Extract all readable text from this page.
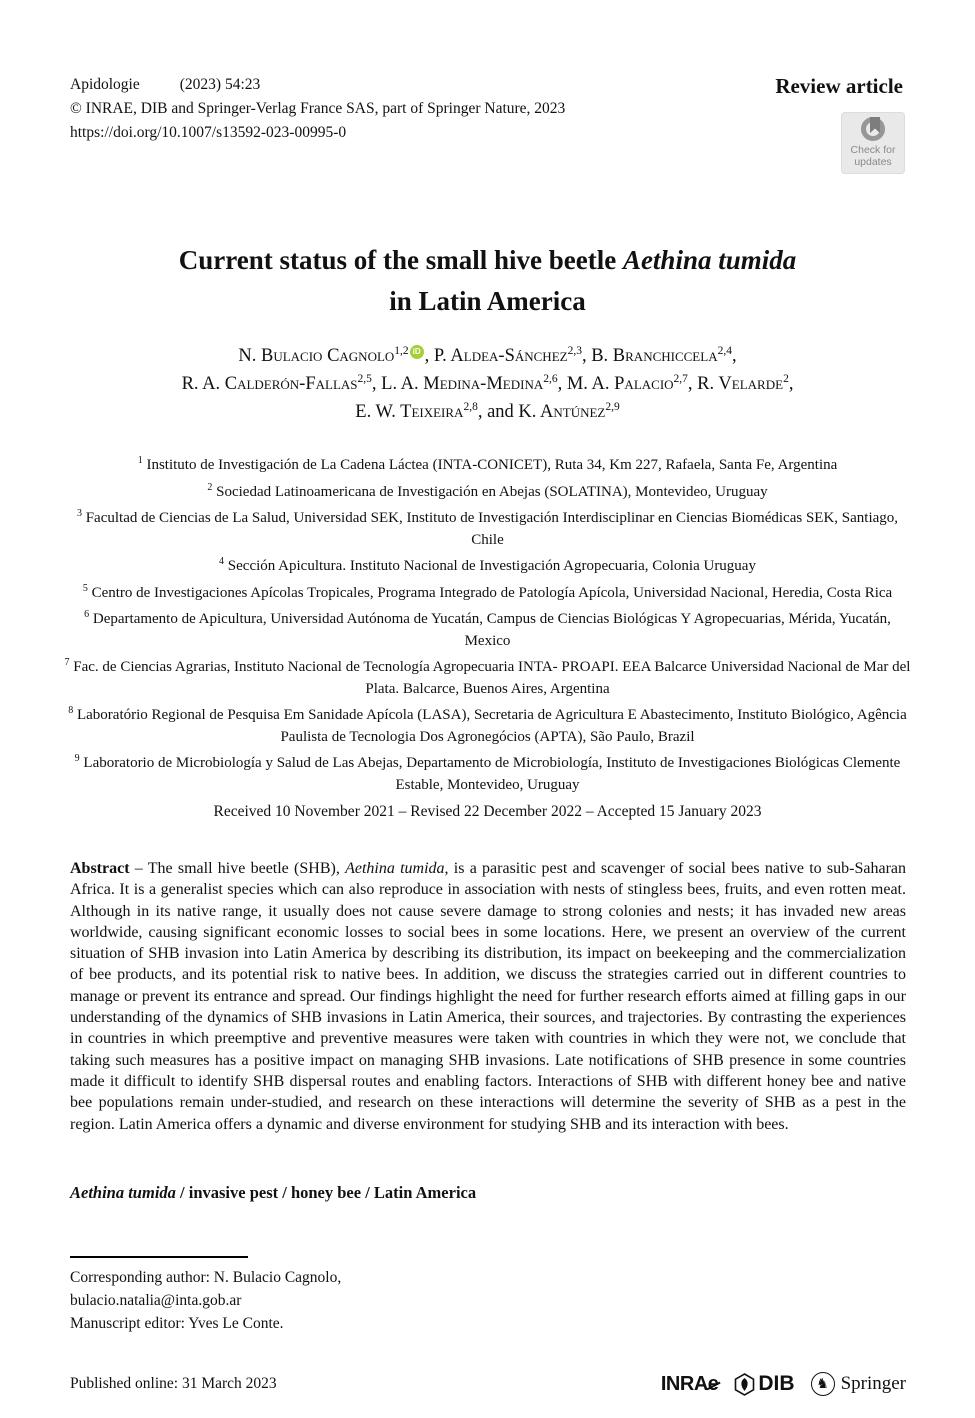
Apidologie	(2023) 54:23
© INRAE, DIB and Springer-Verlag France SAS, part of Springer Nature, 2023
https://doi.org/10.1007/s13592-023-00995-0
Review article
Check for
updates
Current status of the small hive beetle Aethina tumida
in Latin America
N. Bulacio Cagnolo$^{1,2}$ iD , P. Aldea-Sánchez$^{2,3}$, B. Branchiccela$^{2,4}$,
R. A. Calderón-Fallas$^{2,5}$, L. A. Medina-Medina$^{2,6}$, M. A. Palacio$^{2,7}$, R. Velarde$^2$,
E. W. Teixeira$^{2,8}$, and K. Antúnez$^{2,9}$
$^1$ Instituto de Investigación de La Cadena Láctea (INTA-CONICET), Ruta 34, Km 227, Rafaela, Santa Fe, Argentina
$^2$ Sociedad Latinoamericana de Investigación en Abejas (SOLATINA), Montevideo, Uruguay
$^3$ Facultad de Ciencias de La Salud, Universidad SEK, Instituto de Investigación Interdisciplinar en Ciencias Biomédicas SEK, Santiago, Chile
$^4$ Sección Apicultura. Instituto Nacional de Investigación Agropecuaria, Colonia Uruguay
$^5$ Centro de Investigaciones Apícolas Tropicales, Programa Integrado de Patología Apícola, Universidad Nacional, Heredia, Costa Rica
$^6$ Departamento de Apicultura, Universidad Autónoma de Yucatán, Campus de Ciencias Biológicas Y Agropecuarias, Mérida, Yucatán, Mexico
$^7$ Fac. de Ciencias Agrarias, Instituto Nacional de Tecnología Agropecuaria INTA- PROAPI. EEA Balcarce Universidad Nacional de Mar del Plata. Balcarce, Buenos Aires, Argentina
$^8$ Laboratório Regional de Pesquisa Em Sanidade Apícola (LASA), Secretaria de Agricultura E Abastecimento, Instituto Biológico, Agência Paulista de Tecnologia Dos Agronegócios (APTA), São Paulo, Brazil
$^9$ Laboratorio de Microbiología y Salud de Las Abejas, Departamento de Microbiología, Instituto de Investigaciones Biológicas Clemente Estable, Montevideo, Uruguay
Received 10 November 2021 – Revised 22 December 2022 – Accepted 15 January 2023
Abstract – The small hive beetle (SHB), Aethina tumida, is a parasitic pest and scavenger of social bees native to sub-Saharan Africa. It is a generalist species which can also reproduce in association with nests of stingless bees, fruits, and even rotten meat. Although in its native range, it usually does not cause severe damage to strong colonies and nests; it has invaded new areas worldwide, causing significant economic losses to social bees in some locations. Here, we present an overview of the current situation of SHB invasion into Latin America by describing its distribution, its impact on beekeeping and the commercialization of bee products, and its potential risk to native bees. In addition, we discuss the strategies carried out in different countries to manage or prevent its entrance and spread. Our findings highlight the need for further research efforts aimed at filling gaps in our understanding of the dynamics of SHB invasions in Latin America, their sources, and trajectories. By contrasting the experiences in countries in which preemptive and preventive measures were taken with countries in which they were not, we conclude that taking such measures has a positive impact on managing SHB invasions. Late notifications of SHB presence in some countries made it difficult to identify SHB dispersal routes and enabling factors. Interactions of SHB with different honey bee and native bee populations remain under-studied, and research on these interactions will determine the severity of SHB as a pest in the region. Latin America offers a dynamic and diverse environment for studying SHB and its interaction with bees.
Aethina tumida / invasive pest / honey bee / Latin America
Corresponding author: N. Bulacio Cagnolo,
bulacio.natalia@inta.gob.ar
Manuscript editor: Yves Le Conte.
Published online: 31 March 2023	INRA e DIB	♞ Springer
